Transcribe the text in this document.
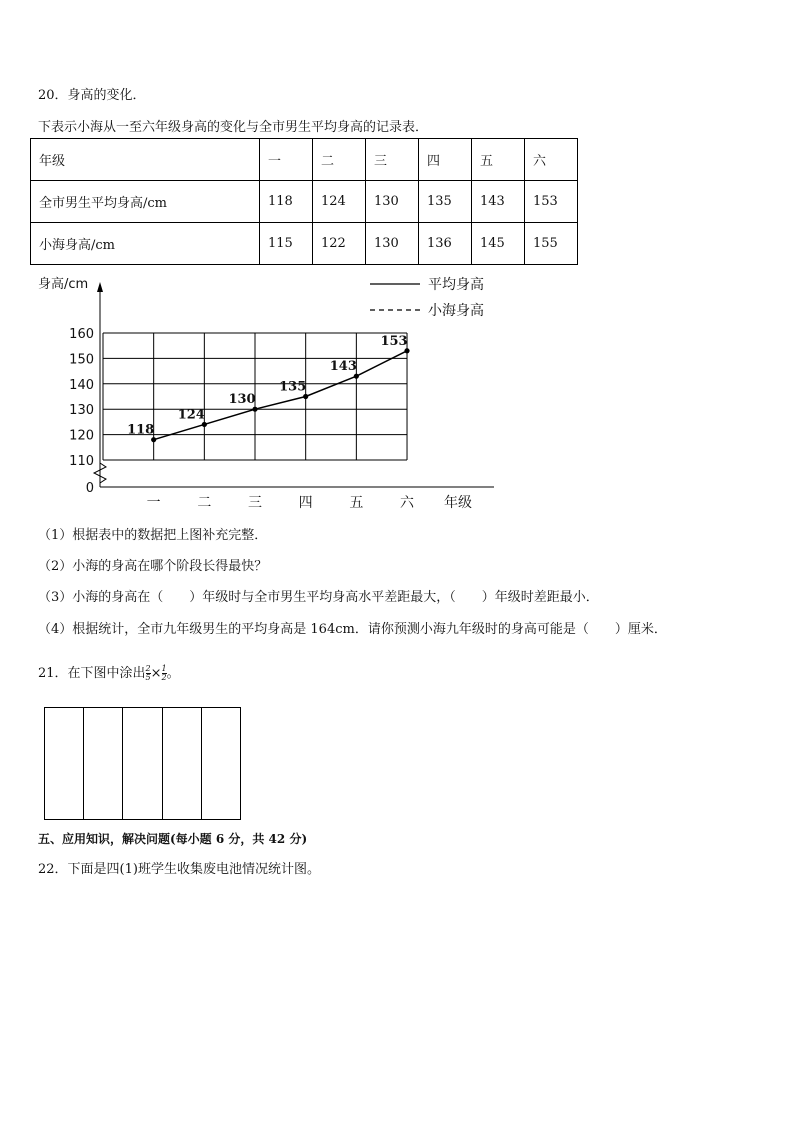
20．身高的变化．
下表示小海从一至六年级身高的变化与全市男生平均身高的记录表．
年级	一	二	三	四	五	六
全市男生平均身高/cm	118	124	130	135	143	153
小海身高/cm	115	122	130	136	145	155
0
110
120
130
140
150
160
身高/cm
一	二	三	四	五	六 年级
平均身高
小海身高
118
124
130
135
143
153
（1）根据表中的数据把上图补充完整．
（2）小海的身高在哪个阶段长得最快？
（3）小海的身高在（　　）年级时与全市男生平均身高水平差距最大，（　　）年级时差距最小．
（4）根据统计，全市九年级男生的平均身高是 164cm．请你预测小海九年级时的身高可能是（　　）厘米．
21．在下图中涂出 $\frac{2}{5} \times \frac{1}{2}$ 。
五、应用知识，解决问题(每小题 6 分，共 42 分)
22．下面是四(1)班学生收集废电池情况统计图。
